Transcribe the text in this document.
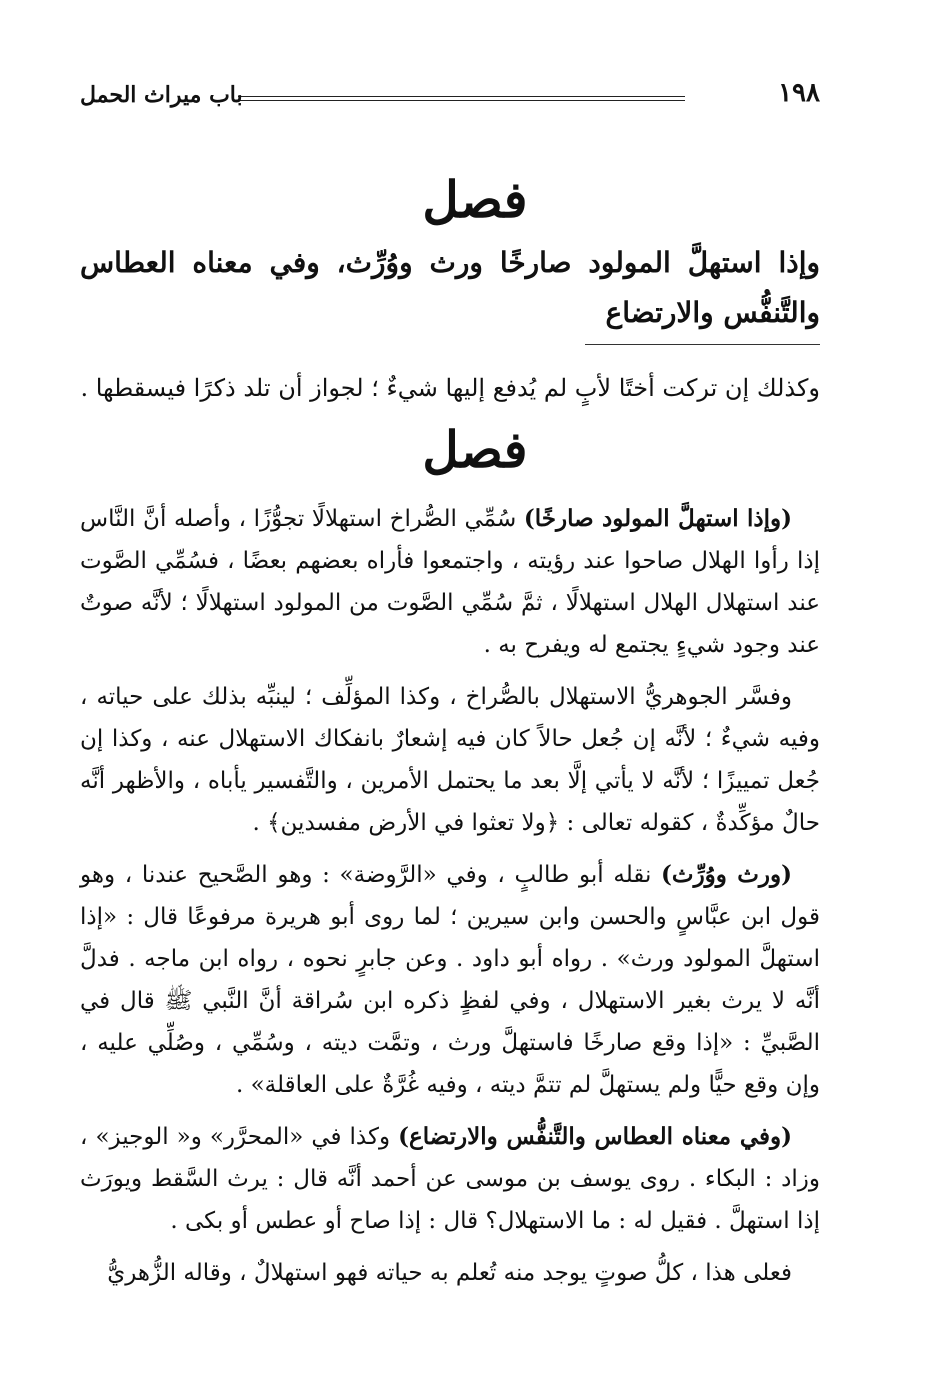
١٩٨
باب ميراث الحمل
فصل
وإذا استهلَّ المولود صارخًا ورث ووُرِّث، وفي معناه العطاس والتَّنفُّس والارتضاع
وكذلك إن تركت أختًا لأبٍ لم يُدفع إليها شيءٌ ؛ لجواز أن تلد ذكرًا فيسقطها .
فصل

(وإذا استهلَّ المولود صارخًا) سُمِّي الصُّراخ استهلالًا تجوُّزًا ، وأصله أنَّ النَّاس إذا رأوا الهلال صاحوا عند رؤيته ، واجتمعوا فأراه بعضهم بعضًا ، فسُمِّي الصَّوت عند استهلال الهلال استهلالًا ، ثمَّ سُمِّي الصَّوت من المولود استهلالًا ؛ لأنَّه صوتٌ عند وجود شيءٍ يجتمع له ويفرح به .

وفسَّر الجوهريُّ الاستهلال بالصُّراخ ، وكذا المؤلِّف ؛ لينبِّه بذلك على حياته ، وفيه شيءٌ ؛ لأنَّه إن جُعل حالاً كان فيه إشعارٌ بانفكاك الاستهلال عنه ، وكذا إن جُعل تمييزًا ؛ لأنَّه لا يأتي إلَّا بعد ما يحتمل الأمرين ، والتَّفسير يأباه ، والأظهر أنَّه حالٌ مؤكِّدةٌ ، كقوله تعالى : ﴿ولا تعثوا في الأرض مفسدين﴾ .

(ورث ووُرِّث) نقله أبو طالبٍ ، وفي «الرَّوضة» : وهو الصَّحيح عندنا ، وهو قول ابن عبَّاسٍ والحسن وابن سيرين ؛ لما روى أبو هريرة مرفوعًا قال : «إذا استهلَّ المولود ورث» . رواه أبو داود . وعن جابرٍ نحوه ، رواه ابن ماجه . فدلَّ أنَّه لا يرث بغير الاستهلال ، وفي لفظٍ ذكره ابن سُراقة أنَّ النَّبي ﷺ قال في الصَّبيِّ : «إذا وقع صارخًا فاستهلَّ ورث ، وتمَّت ديته ، وسُمِّي ، وصُلِّي عليه ، وإن وقع حيًّا ولم يستهلَّ لم تتمَّ ديته ، وفيه غُرَّةٌ على العاقلة» .

(وفي معناه العطاس والتَّنفُّس والارتضاع) وكذا في «المحرَّر» و« الوجيز» ، وزاد : البكاء . روى يوسف بن موسى عن أحمد أنَّه قال : يرث السَّقط ويورَث إذا استهلَّ . فقيل له : ما الاستهلال؟ قال : إذا صاح أو عطس أو بكى .

فعلى هذا ، كلُّ صوتٍ يوجد منه تُعلم به حياته فهو استهلالٌ ، وقاله الزُّهريُّ
